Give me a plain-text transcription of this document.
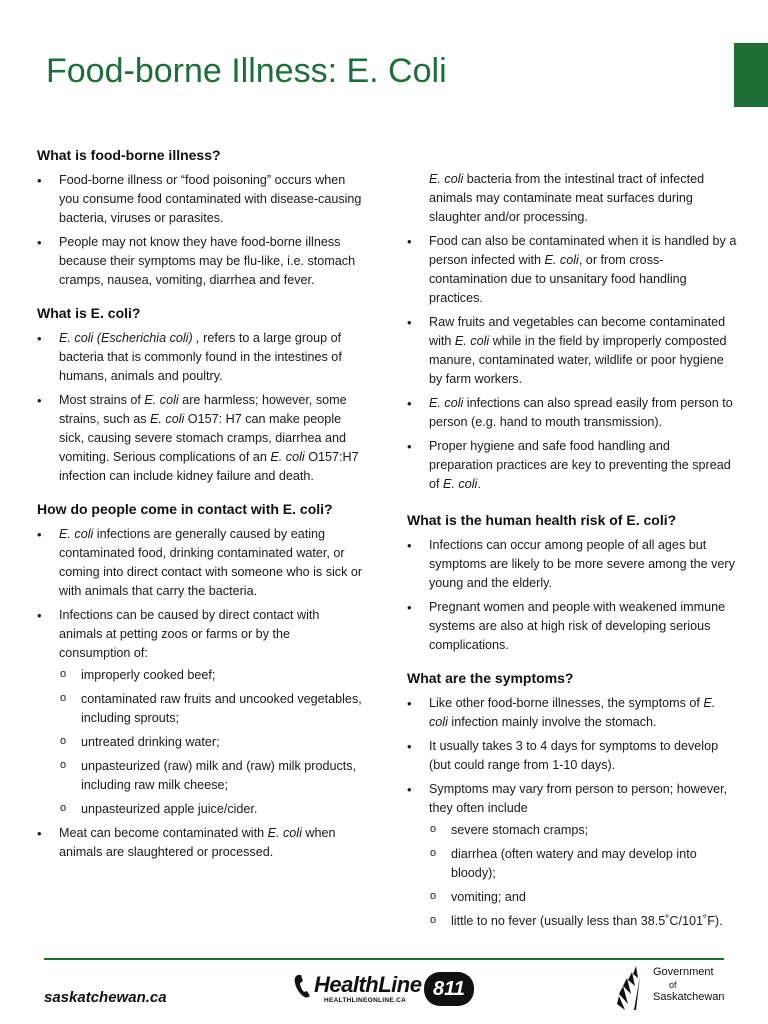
Food-borne Illness: E. Coli
What is food-borne illness?
• Food-borne illness or “food poisoning” occurs when you consume food contaminated with disease-causing bacteria, viruses or parasites.
• People may not know they have food-borne illness because their symptoms may be flu-like, i.e. stomach cramps, nausea, vomiting, diarrhea and fever.
What is E. coli?
• E. coli (Escherichia coli) , refers to a large group of bacteria that is commonly found in the intestines of humans, animals and poultry.
• Most strains of E. coli are harmless; however, some strains, such as E. coli O157: H7 can make people sick, causing severe stomach cramps, diarrhea and vomiting. Serious complications of an E. coli O157:H7 infection can include kidney failure and death.
How do people come in contact with E. coli?
• E. coli infections are generally caused by eating contaminated food, drinking contaminated water, or coming into direct contact with someone who is sick or with animals that carry the bacteria.
• Infections can be caused by direct contact with animals at petting zoos or farms or by the consumption of:
o improperly cooked beef;
o contaminated raw fruits and uncooked vegetables, including sprouts;
o untreated drinking water;
o unpasteurized (raw) milk and (raw) milk products, including raw milk cheese;
o unpasteurized apple juice/cider.
• Meat can become contaminated with E. coli when animals are slaughtered or processed.
E. coli bacteria from the intestinal tract of infected animals may contaminate meat surfaces during slaughter and/or processing.
• Food can also be contaminated when it is handled by a person infected with E. coli, or from cross-contamination due to unsanitary food handling practices.
• Raw fruits and vegetables can become contaminated with E. coli while in the field by improperly composted manure, contaminated water, wildlife or poor hygiene by farm workers.
• E. coli infections can also spread easily from person to person (e.g. hand to mouth transmission).
• Proper hygiene and safe food handling and preparation practices are key to preventing the spread of E. coli.
What is the human health risk of E. coli?
• Infections can occur among people of all ages but symptoms are likely to be more severe among the very young and the elderly.
• Pregnant women and people with weakened immune systems are also at high risk of developing serious complications.
What are the symptoms?
• Like other food-borne illnesses, the symptoms of E. coli infection mainly involve the stomach.
• It usually takes 3 to 4 days for symptoms to develop (but could range from 1-10 days).
• Symptoms may vary from person to person; however, they often include
o severe stomach cramps;
o diarrhea (often watery and may develop into bloody);
o vomiting; and
o little to no fever (usually less than 38.5˚C/101˚F).
saskatchewan.ca
HealthLine
HEALTHLINEONLINE.CA
811
Government
of
Saskatchewan
